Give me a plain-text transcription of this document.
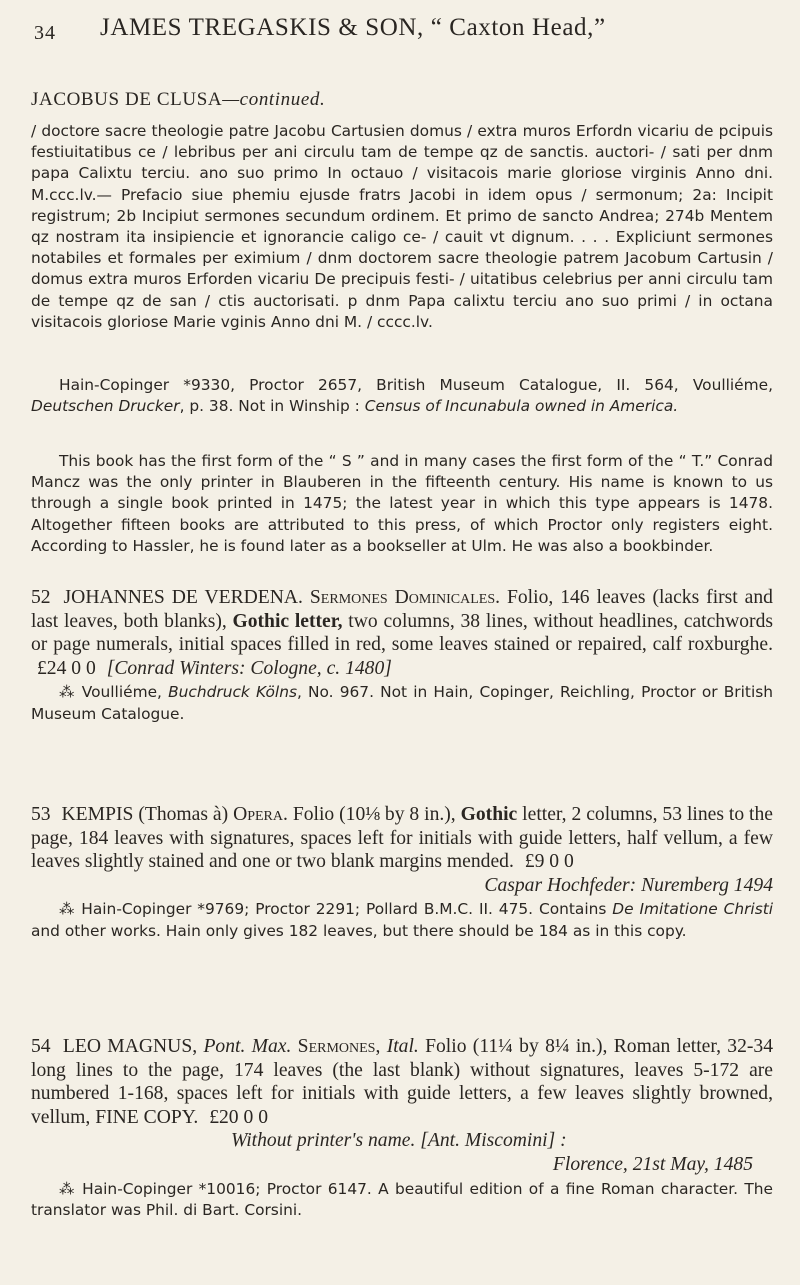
34 JAMES TREGASKIS & SON, “ Caxton Head,”
JACOBUS DE CLUSA—continued.
/ doctore sacre theologie patre Jacobu Cartusien domus / extra muros Erfordn vicariu de pcipuis festiuitatibus ce / lebribus per ani circulu tam de tempe qz de sanctis. auctori- / sati per dnm papa Calixtu terciu. ano suo primo In octauo / visitacois marie gloriose virginis Anno dni. M.ccc.lv.— Prefacio siue phemiu ejusde fratrs Jacobi in idem opus / sermonum; 2a: Incipit registrum; 2b Incipiut sermones secundum ordinem. Et primo de sancto Andrea; 274b Mentem qz nostram ita insipiencie et ignorancie caligo ce- / cauit vt dignum. . . . Expliciunt sermones notabiles et formales per eximium / dnm doctorem sacre theologie patrem Jacobum Cartusin / domus extra muros Erforden vicariu De precipuis festi- / uitatibus celebrius per anni circulu tam de tempe qz de san / ctis auctorisati. p dnm Papa calixtu terciu ano suo primi / in octana visitacois gloriose Marie vginis Anno dni M. / cccc.lv.
Hain-Copinger *9330, Proctor 2657, British Museum Catalogue, II. 564, Voulliéme, Deutschen Drucker, p. 38. Not in Winship : Census of Incunabula owned in America.
This book has the first form of the “ S ” and in many cases the first form of the “ T.” Conrad Mancz was the only printer in Blauberen in the fifteenth century. His name is known to us through a single book printed in 1475; the latest year in which this type appears is 1478. Altogether fifteen books are attributed to this press, of which Proctor only registers eight. According to Hassler, he is found later as a bookseller at Ulm. He was also a bookbinder.
52 JOHANNES DE VERDENA. Sermones Dominicales. Folio, 146 leaves (lacks first and last leaves, both blanks), Gothic letter, two columns, 38 lines, without headlines, catchwords or page numerals, initial spaces filled in red, some leaves stained or repaired, calf roxburghe. £24 0 0 [Conrad Winters: Cologne, c. 1480]
⁂ Voulliéme, Buchdruck Kölns, No. 967. Not in Hain, Copinger, Reichling, Proctor or British Museum Catalogue.
53 KEMPIS (Thomas à) Opera. Folio (10⅛ by 8 in.), Gothic letter, 2 columns, 53 lines to the page, 184 leaves with signatures, spaces left for initials with guide letters, half vellum, a few leaves slightly stained and one or two blank margins mended. £9 0 0
Caspar Hochfeder: Nuremberg 1494
⁂ Hain-Copinger *9769; Proctor 2291; Pollard B.M.C. II. 475. Contains De Imitatione Christi and other works. Hain only gives 182 leaves, but there should be 184 as in this copy.
54 LEO MAGNUS, Pont. Max. Sermones, Ital. Folio (11¼ by 8¼ in.), Roman letter, 32-34 long lines to the page, 174 leaves (the last blank) without signatures, leaves 5-172 are numbered 1-168, spaces left for initials with guide letters, a few leaves slightly browned, vellum, FINE COPY. £20 0 0
Without printer's name. [Ant. Miscomini] :
Florence, 21st May, 1485
⁂ Hain-Copinger *10016; Proctor 6147. A beautiful edition of a fine Roman character. The translator was Phil. di Bart. Corsini.
